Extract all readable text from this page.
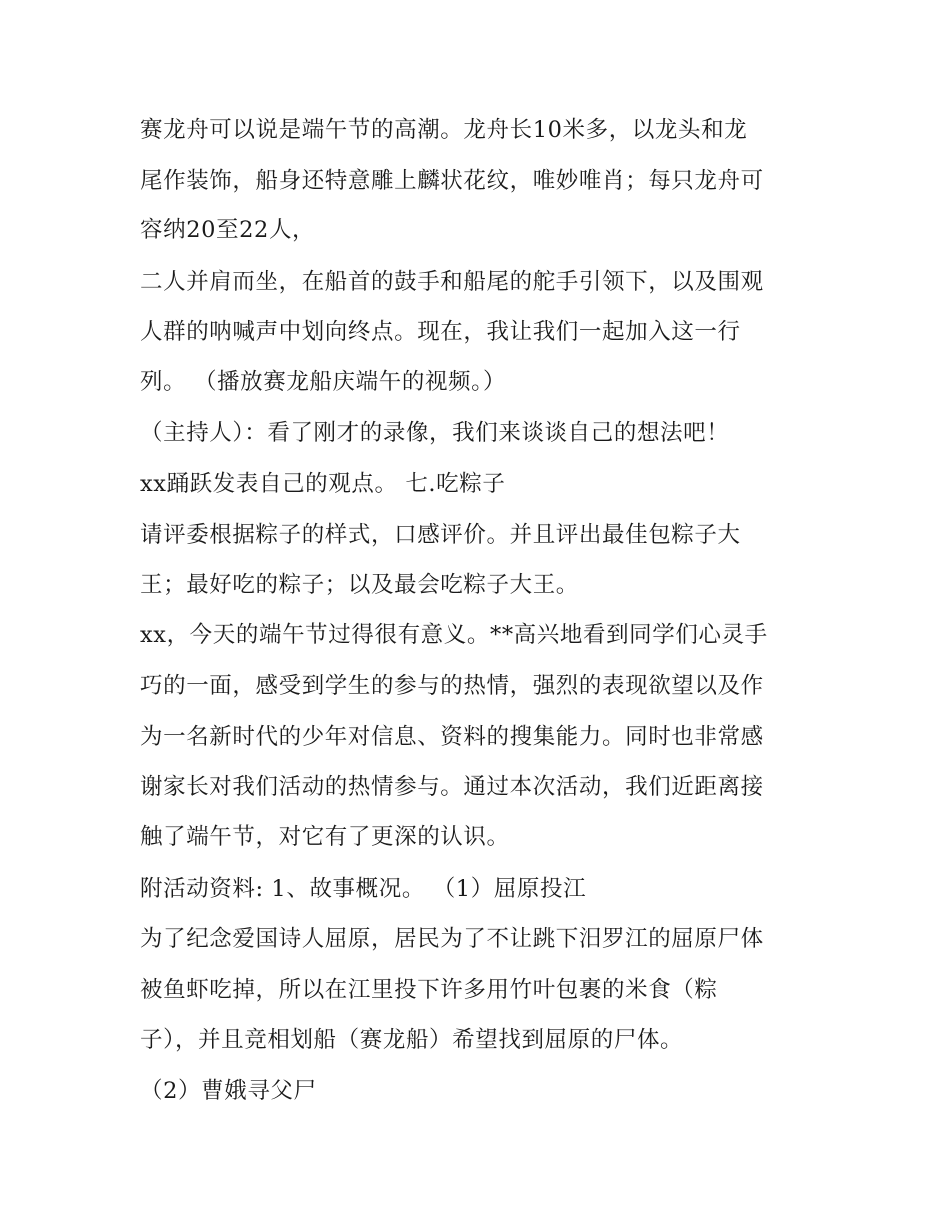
赛龙舟可以说是端午节的高潮。龙舟长10米多，以龙头和龙
尾作装饰，船身还特意雕上麟状花纹，唯妙唯肖；每只龙舟可
容纳20至22人，
二人并肩而坐，在船首的鼓手和船尾的舵手引领下，以及围观
人群的呐喊声中划向终点。现在，我让我们一起加入这一行
列。 （播放赛龙船庆端午的视频。）
（主持人）：看了刚才的录像，我们来谈谈自己的想法吧！
xx踊跃发表自己的观点。 七.吃粽子
请评委根据粽子的样式，口感评价。并且评出最佳包粽子大
王；最好吃的粽子；以及最会吃粽子大王。
xx，今天的端午节过得很有意义。**高兴地看到同学们心灵手
巧的一面，感受到学生的参与的热情，强烈的表现欲望以及作
为一名新时代的少年对信息、资料的搜集能力。同时也非常感
谢家长对我们活动的热情参与。通过本次活动，我们近距离接
触了端午节，对它有了更深的认识。
附活动资料: 1、故事概况。 （1）屈原投江
为了纪念爱国诗人屈原，居民为了不让跳下汨罗江的屈原尸体
被鱼虾吃掉，所以在江里投下许多用竹叶包裹的米食（粽
子），并且竞相划船（赛龙船）希望找到屈原的尸体。
（2）曹娥寻父尸
